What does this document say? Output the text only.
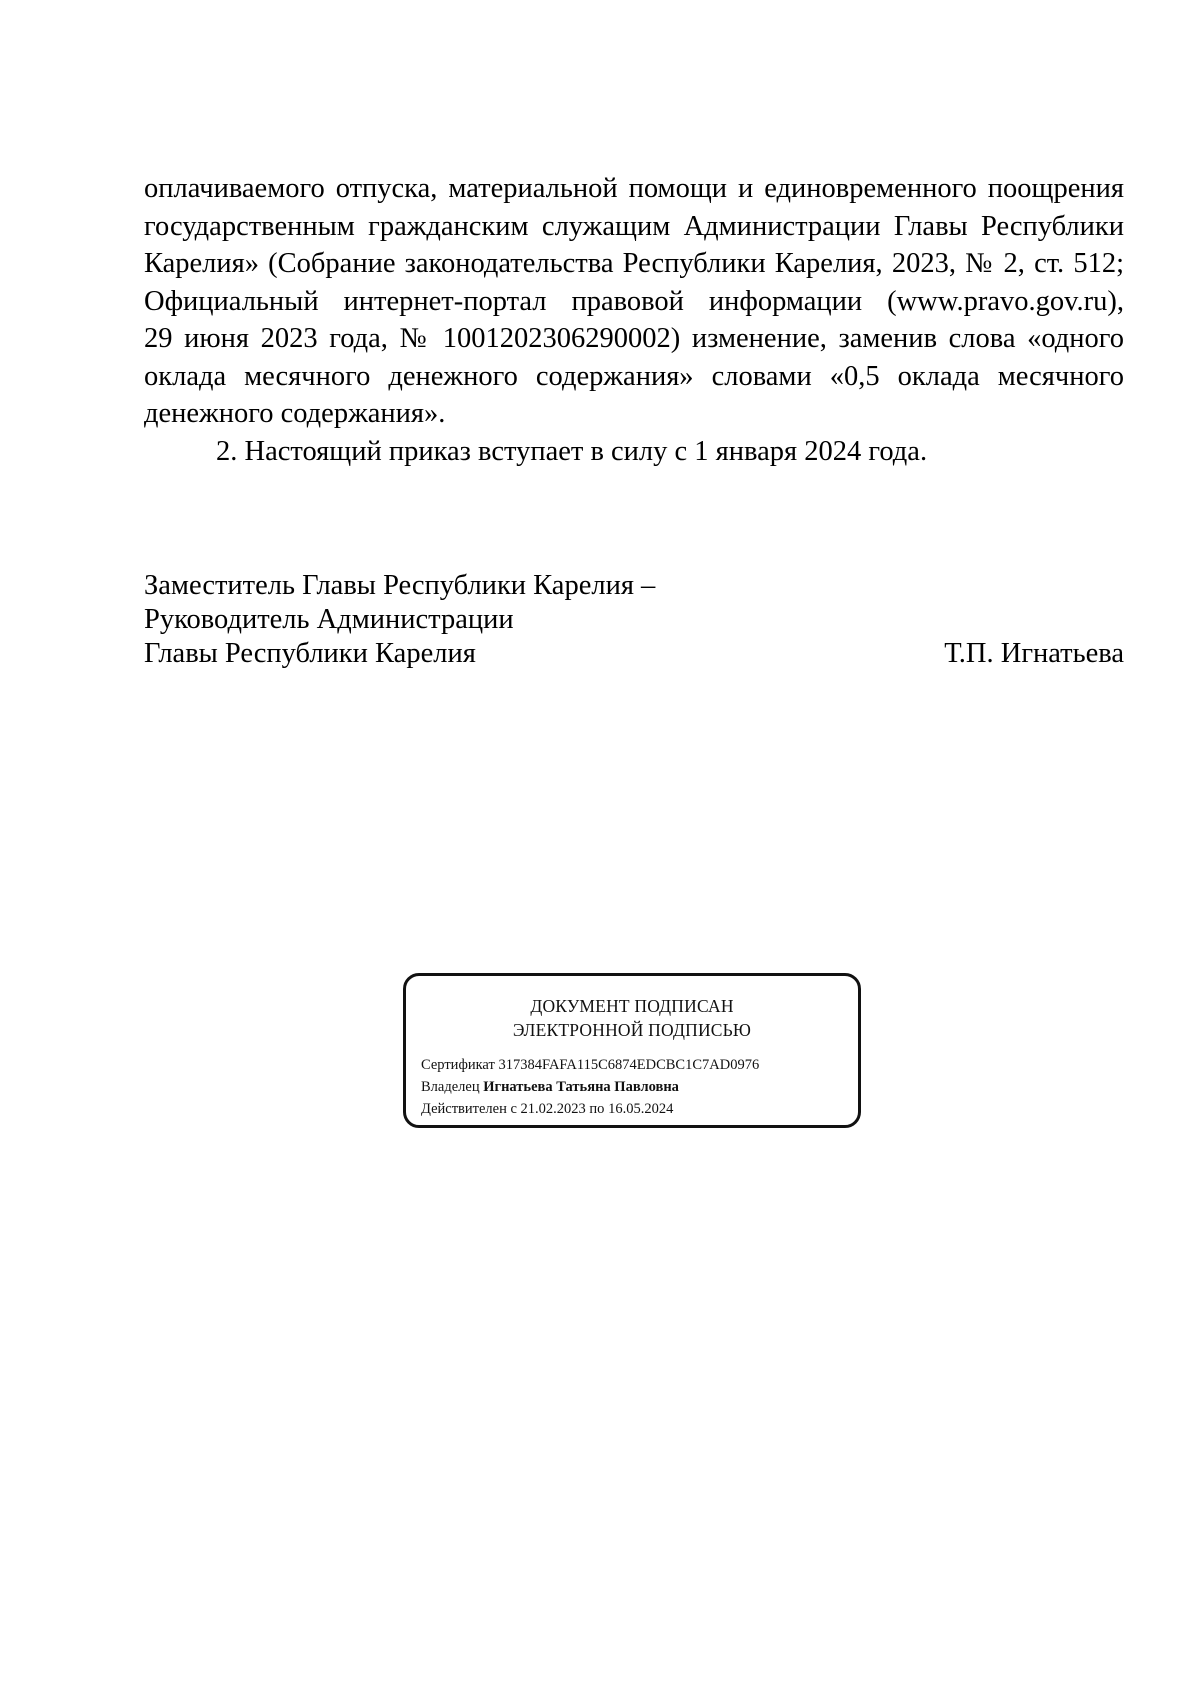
оплачиваемого отпуска, материальной помощи и единовременного поощрения
государственным гражданским служащим Администрации Главы Республики
Карелия» (Собрание законодательства Республики Карелия, 2023, № 2, ст. 512;
Официальный интернет-портал правовой информации (www.pravo.gov.ru),
29 июня 2023 года, № 1001202306290002) изменение, заменив слова «одного
оклада месячного денежного содержания» словами «0,5 оклада месячного
денежного содержания».
2. Настоящий приказ вступает в силу с 1 января 2024 года.
Заместитель Главы Республики Карелия –
Руководитель Администрации
Главы Республики Карелия	Т.П. Игнатьева
ДОКУМЕНТ ПОДПИСАН
ЭЛЕКТРОННОЙ ПОДПИСЬЮ
Сертификат 317384FAFA115C6874EDCBC1C7AD0976
Владелец Игнатьева Татьяна Павловна
Действителен с 21.02.2023 по 16.05.2024
